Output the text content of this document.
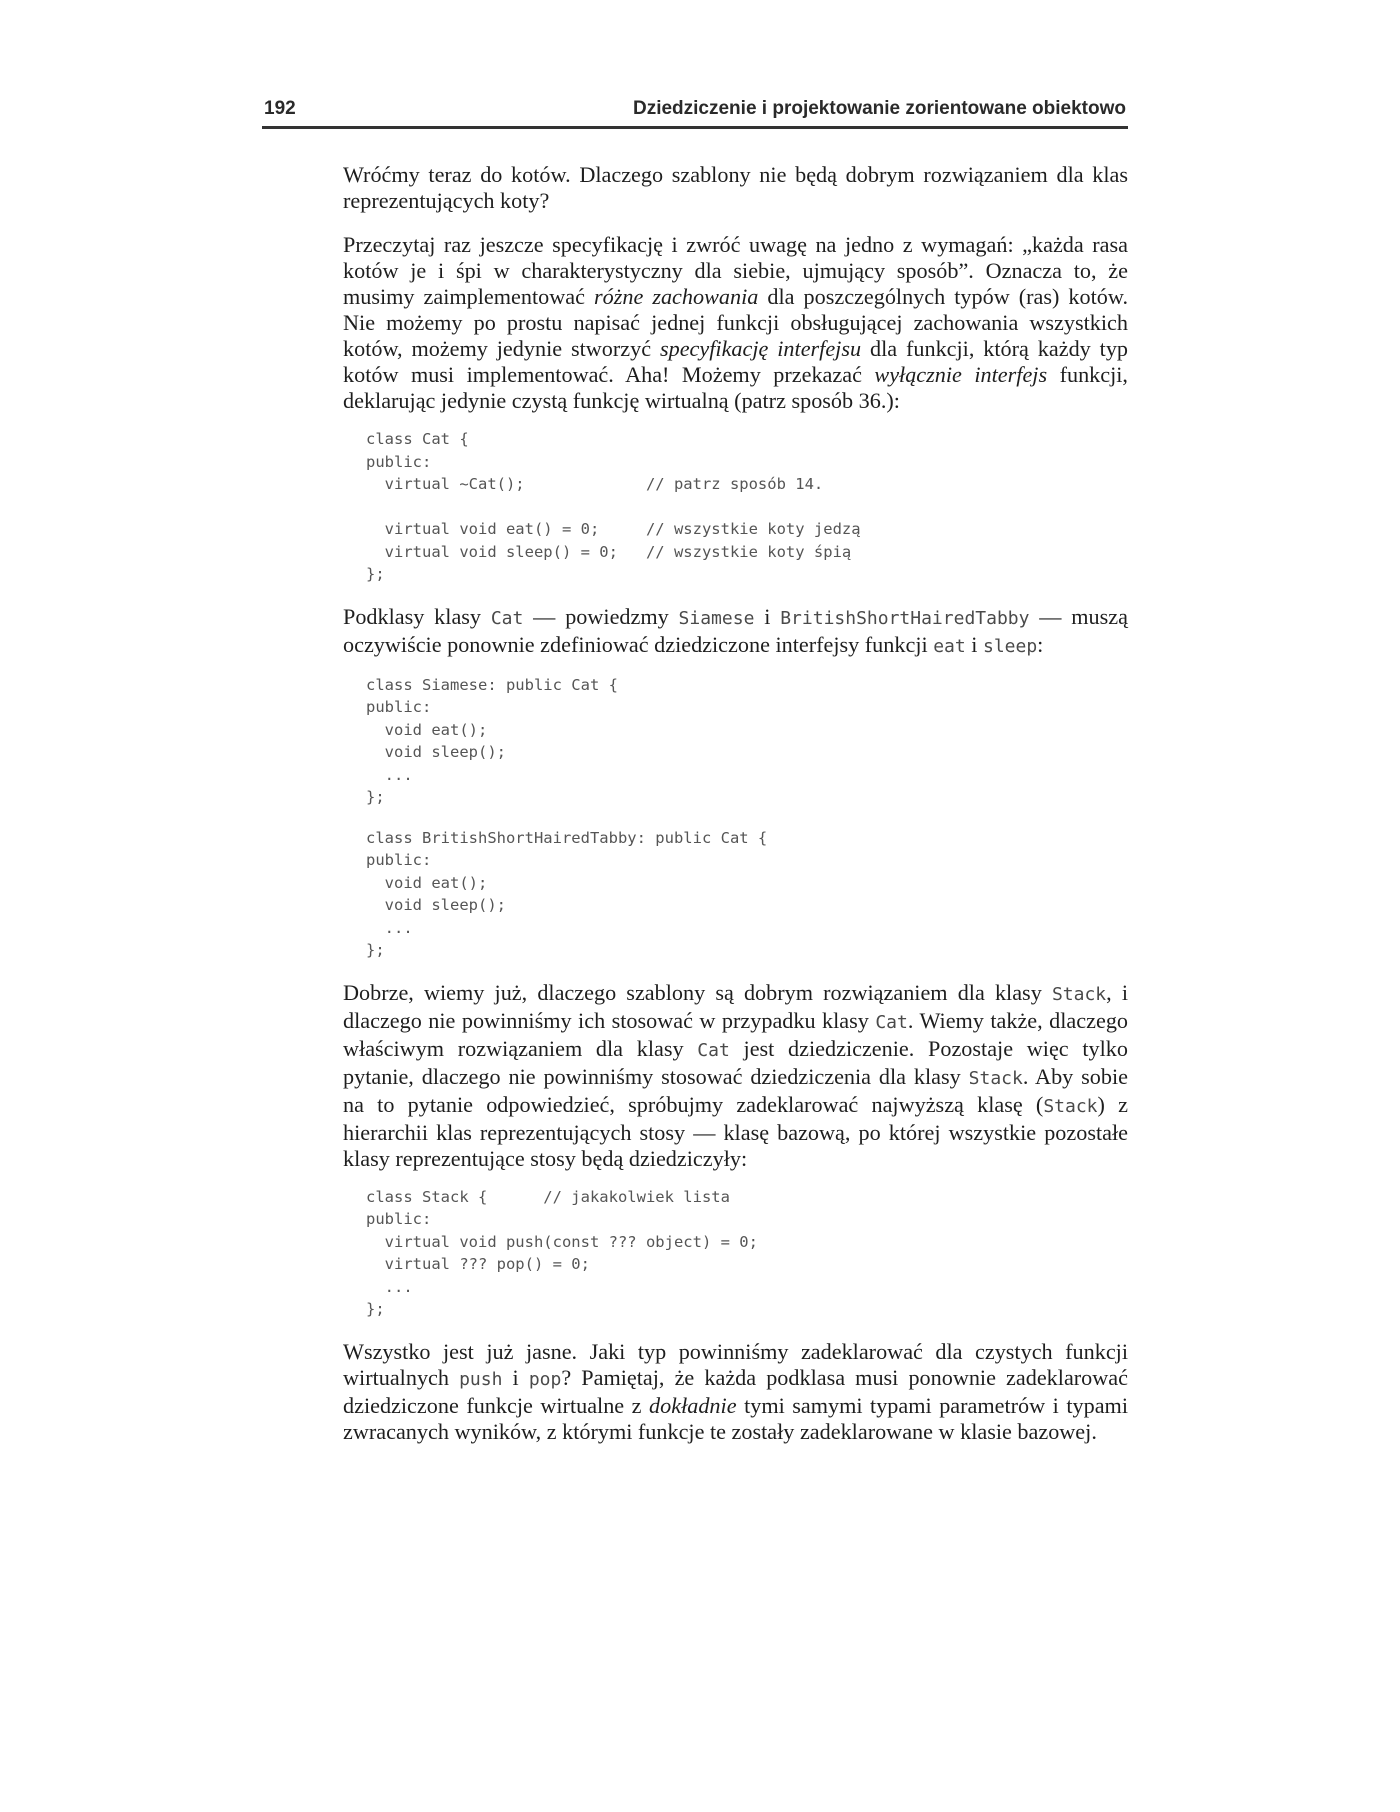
192	Dziedziczenie i projektowanie zorientowane obiektowo

Wróćmy teraz do kotów. Dlaczego szablony nie będą dobrym rozwiązaniem dla klas reprezentujących koty?

Przeczytaj raz jeszcze specyfikację i zwróć uwagę na jedno z wymagań: „każda rasa kotów je i śpi w charakterystyczny dla siebie, ujmujący sposób”. Oznacza to, że musimy zaimplementować różne zachowania dla poszczególnych typów (ras) kotów. Nie możemy po prostu napisać jednej funkcji obsługującej zachowania wszystkich kotów, możemy jedynie stworzyć specyfikację interfejsu dla funkcji, którą każdy typ kotów musi implementować. Aha! Możemy przekazać wyłącznie interfejs funkcji, deklarując jedynie czystą funkcję wirtualną (patrz sposób 36.):

class Cat {
public:
virtual ~Cat();             // patrz sposób 14.

virtual void eat() = 0;     // wszystkie koty jedzą
virtual void sleep() = 0;   // wszystkie koty śpią
};

Podklasy klasy Cat — powiedzmy Siamese i BritishShortHairedTabby — muszą oczywiście ponownie zdefiniować dziedziczone interfejsy funkcji eat i sleep:

class Siamese: public Cat {
public:
void eat();
void sleep();
...
};
class BritishShortHairedTabby: public Cat {
public:
void eat();
void sleep();
...
};

Dobrze, wiemy już, dlaczego szablony są dobrym rozwiązaniem dla klasy Stack, i dlaczego nie powinniśmy ich stosować w przypadku klasy Cat. Wiemy także, dlaczego właściwym rozwiązaniem dla klasy Cat jest dziedziczenie. Pozostaje więc tylko pytanie, dlaczego nie powinniśmy stosować dziedziczenia dla klasy Stack. Aby sobie na to pytanie odpowiedzieć, spróbujmy zadeklarować najwyższą klasę (Stack) z hierarchii klas reprezentujących stosy — klasę bazową, po której wszystkie pozostałe klasy reprezentujące stosy będą dziedziczyły:

class Stack {      // jakakolwiek lista
public:
virtual void push(const ??? object) = 0;
virtual ??? pop() = 0;
...
};

Wszystko jest już jasne. Jaki typ powinniśmy zadeklarować dla czystych funkcji wirtualnych push i pop? Pamiętaj, że każda podklasa musi ponownie zadeklarować dziedziczone funkcje wirtualne z dokładnie tymi samymi typami parametrów i typami zwracanych wyników, z którymi funkcje te zostały zadeklarowane w klasie bazowej.
